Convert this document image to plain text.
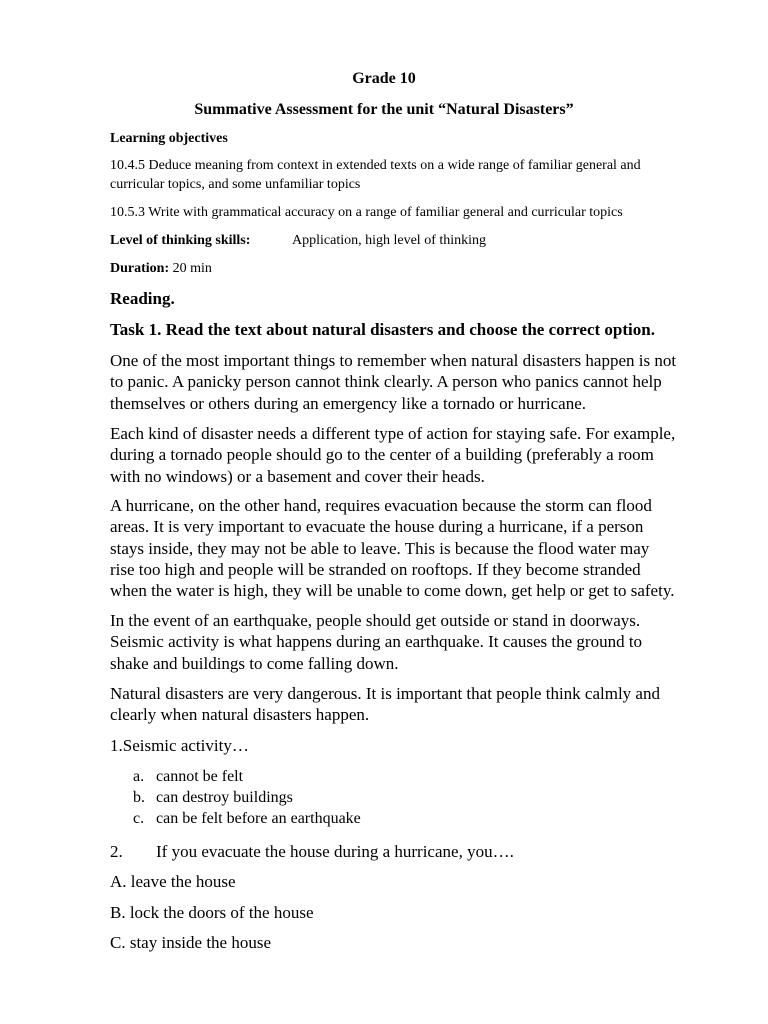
Grade 10
Summative Assessment for the unit “Natural Disasters”
Learning objectives
10.4.5 Deduce meaning from context in extended texts on a wide range of familiar general and
curricular topics, and some unfamiliar topics
10.5.3 Write with grammatical accuracy on a range of familiar general and curricular topics
Level of thinking skills:	Application, high level of thinking
Duration: 20 min
Reading.
Task 1. Read the text about natural disasters and choose the correct option.
One of the most important things to remember when natural disasters happen is not
to panic. A panicky person cannot think clearly. A person who panics cannot help
themselves or others during an emergency like a tornado or hurricane.
Each kind of disaster needs a different type of action for staying safe. For example,
during a tornado people should go to the center of a building (preferably a room
with no windows) or a basement and cover their heads.
A hurricane, on the other hand, requires evacuation because the storm can flood
areas. It is very important to evacuate the house during a hurricane, if a person
stays inside, they may not be able to leave. This is because the flood water may
rise too high and people will be stranded on rooftops. If they become stranded
when the water is high, they will be unable to come down, get help or get to safety.
In the event of an earthquake, people should get outside or stand in doorways.
Seismic activity is what happens during an earthquake. It causes the ground to
shake and buildings to come falling down.
Natural disasters are very dangerous. It is important that people think calmly and
clearly when natural disasters happen.
1.Seismic activity…
a. cannot be felt
b. can destroy buildings
c. can be felt before an earthquake
2. If you evacuate the house during a hurricane, you….
A. leave the house
B. lock the doors of the house
C. stay inside the house
